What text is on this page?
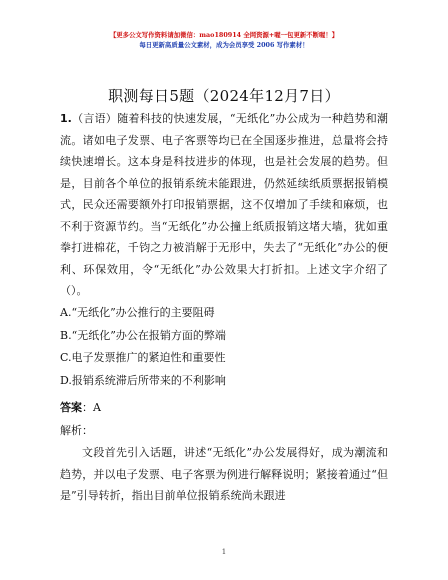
【更多公文写作资料请加微信：mao180914 全网资源+喔一包更新不断喔！】
每日更新高质量公文素材，成为会员享受 2006 写作素材！
职测每日5题（2024年12月7日）
1.（言语）随着科技的快速发展，“无纸化”办公成为一种趋势和潮流。诸如电子发票、电子客票等均已在全国逐步推进，总量将会持续快速增长。这本身是科技进步的体现，也是社会发展的趋势。但是，目前各个单位的报销系统未能跟进，仍然延续纸质票据报销模式，民众还需要额外打印报销票据，这不仅增加了手续和麻烦，也不利于资源节约。当“无纸化”办公撞上纸质报销这堵大墙，犹如重拳打进棉花，千钧之力被消解于无形中，失去了“无纸化”办公的便利、环保效用，令“无纸化”办公效果大打折扣。上述文字介绍了（）。
A.“无纸化”办公推行的主要阻碍
B.“无纸化”办公在报销方面的弊端
C.电子发票推广的紧迫性和重要性
D.报销系统滞后所带来的不利影响
答案：A
解析：
文段首先引入话题，讲述“无纸化”办公发展得好，成为潮流和趋势，并以电子发票、电子客票为例进行解释说明；紧接着通过“但是”引导转折，指出目前单位报销系统尚未跟进
1
